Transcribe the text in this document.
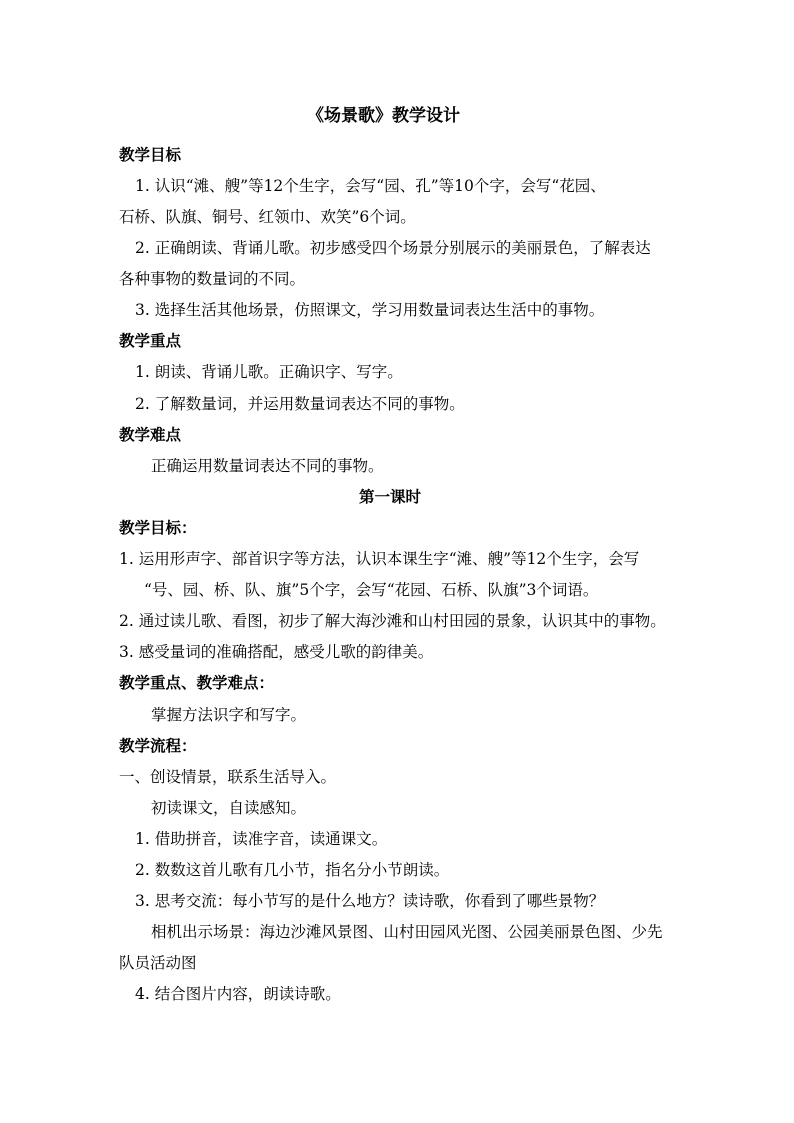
《场景歌》教学设计
教学目标
1. 认识“滩、艘”等12个生字，会写“园、孔”等10个字，会写“花园、
石桥、队旗、铜号、红领巾、欢笑”6个词。
2. 正确朗读、背诵儿歌。初步感受四个场景分别展示的美丽景色，了解表达
各种事物的数量词的不同。
3. 选择生活其他场景，仿照课文，学习用数量词表达生活中的事物。
教学重点
1. 朗读、背诵儿歌。正确识字、写字。
2. 了解数量词，并运用数量词表达不同的事物。
教学难点
正确运用数量词表达不同的事物。
第一课时
教学目标：
1. 运用形声字、部首识字等方法，认识本课生字“滩、艘”等12个生字，会写
“号、园、桥、队、旗”5个字，会写“花园、石桥、队旗”3个词语。
2. 通过读儿歌、看图，初步了解大海沙滩和山村田园的景象，认识其中的事物。
3. 感受量词的准确搭配，感受儿歌的韵律美。
教学重点、教学难点：
掌握方法识字和写字。
教学流程：
一、创设情景，联系生活导入。
初读课文，自读感知。
1. 借助拼音，读准字音，读通课文。
2. 数数这首儿歌有几小节，指名分小节朗读。
3. 思考交流：每小节写的是什么地方？读诗歌，你看到了哪些景物？
相机出示场景：海边沙滩风景图、山村田园风光图、公园美丽景色图、少先
队员活动图
4. 结合图片内容，朗读诗歌。
